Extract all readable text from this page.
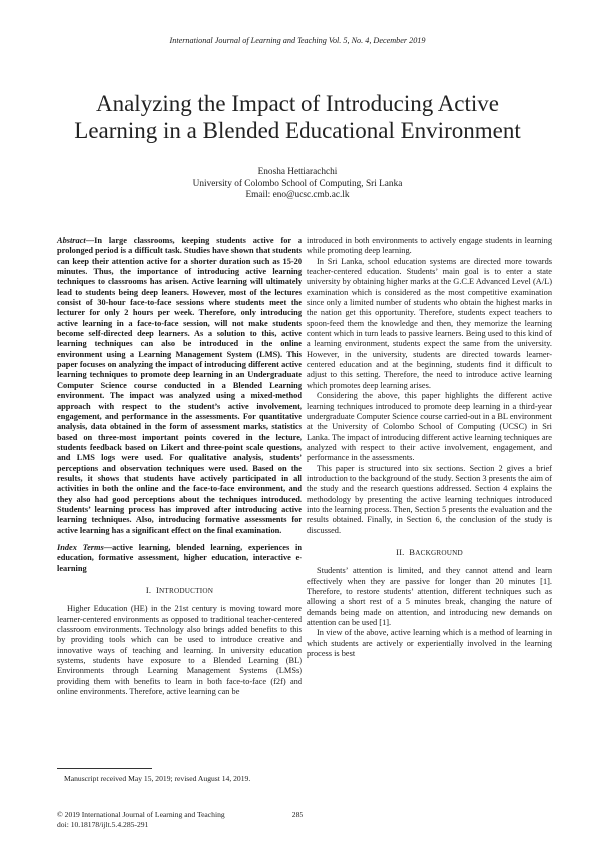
International Journal of Learning and Teaching Vol. 5, No. 4, December 2019
Analyzing the Impact of Introducing Active
Learning in a Blended Educational Environment
Enosha Hettiarachchi
University of Colombo School of Computing, Sri Lanka
Email: eno@ucsc.cmb.ac.lk

Abstract—In large classrooms, keeping students active for a prolonged period is a difficult task. Studies have shown that students can keep their attention active for a shorter duration such as 15-20 minutes. Thus, the importance of introducing active learning techniques to classrooms has arisen. Active learning will ultimately lead to students being deep leaners. However, most of the lectures consist of 30-hour face-to-face sessions where students meet the lecturer for only 2 hours per week. Therefore, only introducing active learning in a face-to-face session, will not make students become self-directed deep learners. As a solution to this, active learning techniques can also be introduced in the online environment using a Learning Management System (LMS). This paper focuses on analyzing the impact of introducing different active learning techniques to promote deep learning in an Undergraduate Computer Science course conducted in a Blended Learning environment. The impact was analyzed using a mixed-method approach with respect to the student’s active involvement, engagement, and performance in the assessments. For quantitative analysis, data obtained in the form of assessment marks, statistics based on three-most important points covered in the lecture, students feedback based on Likert and three-point scale questions, and LMS logs were used. For qualitative analysis, students’ perceptions and observation techniques were used. Based on the results, it shows that students have actively participated in all activities in both the online and the face-to-face environment, and they also had good perceptions about the techniques introduced. Students’ learning process has improved after introducing active learning techniques. Also, introducing formative assessments for active learning has a significant effect on the final examination.

Index Terms—active learning, blended learning, experiences in education, formative assessment, higher education, interactive e-learning

I. INTRODUCTION

Higher Education (HE) in the 21st century is moving toward more learner-centered environments as opposed to traditional teacher-centered classroom environments. Technology also brings added benefits to this by providing tools which can be used to introduce creative and innovative ways of teaching and learning. In university education systems, students have exposure to a Blended Learning (BL) Environments through Learning Management Systems (LMSs) providing them with benefits to learn in both face-to-face (f2f) and online environments. Therefore, active learning can be

introduced in both environments to actively engage students in learning while promoting deep learning.

In Sri Lanka, school education systems are directed more towards teacher-centered education. Students’ main goal is to enter a state university by obtaining higher marks at the G.C.E Advanced Level (A/L) examination which is considered as the most competitive examination since only a limited number of students who obtain the highest marks in the nation get this opportunity. Therefore, students expect teachers to spoon-feed them the knowledge and then, they memorize the learning content which in turn leads to passive learners. Being used to this kind of a learning environment, students expect the same from the university. However, in the university, students are directed towards learner-centered education and at the beginning, students find it difficult to adjust to this setting. Therefore, the need to introduce active learning which promotes deep learning arises.

Considering the above, this paper highlights the different active learning techniques introduced to promote deep learning in a third-year undergraduate Computer Science course carried-out in a BL environment at the University of Colombo School of Computing (UCSC) in Sri Lanka. The impact of introducing different active learning techniques are analyzed with respect to their active involvement, engagement, and performance in the assessments.

This paper is structured into six sections. Section 2 gives a brief introduction to the background of the study. Section 3 presents the aim of the study and the research questions addressed. Section 4 explains the methodology by presenting the active learning techniques introduced into the learning process. Then, Section 5 presents the evaluation and the results obtained. Finally, in Section 6, the conclusion of the study is discussed.

II. BACKGROUND

Students’ attention is limited, and they cannot attend and learn effectively when they are passive for longer than 20 minutes [1]. Therefore, to restore students’ attention, different techniques such as allowing a short rest of a 5 minutes break, changing the nature of demands being made on attention, and introducing new demands on attention can be used [1].

In view of the above, active learning which is a method of learning in which students are actively or experientially involved in the learning process is best

Manuscript received May 15, 2019; revised August 14, 2019.
© 2019 International Journal of Learning and Teaching
doi: 10.18178/ijlt.5.4.285-291
285
